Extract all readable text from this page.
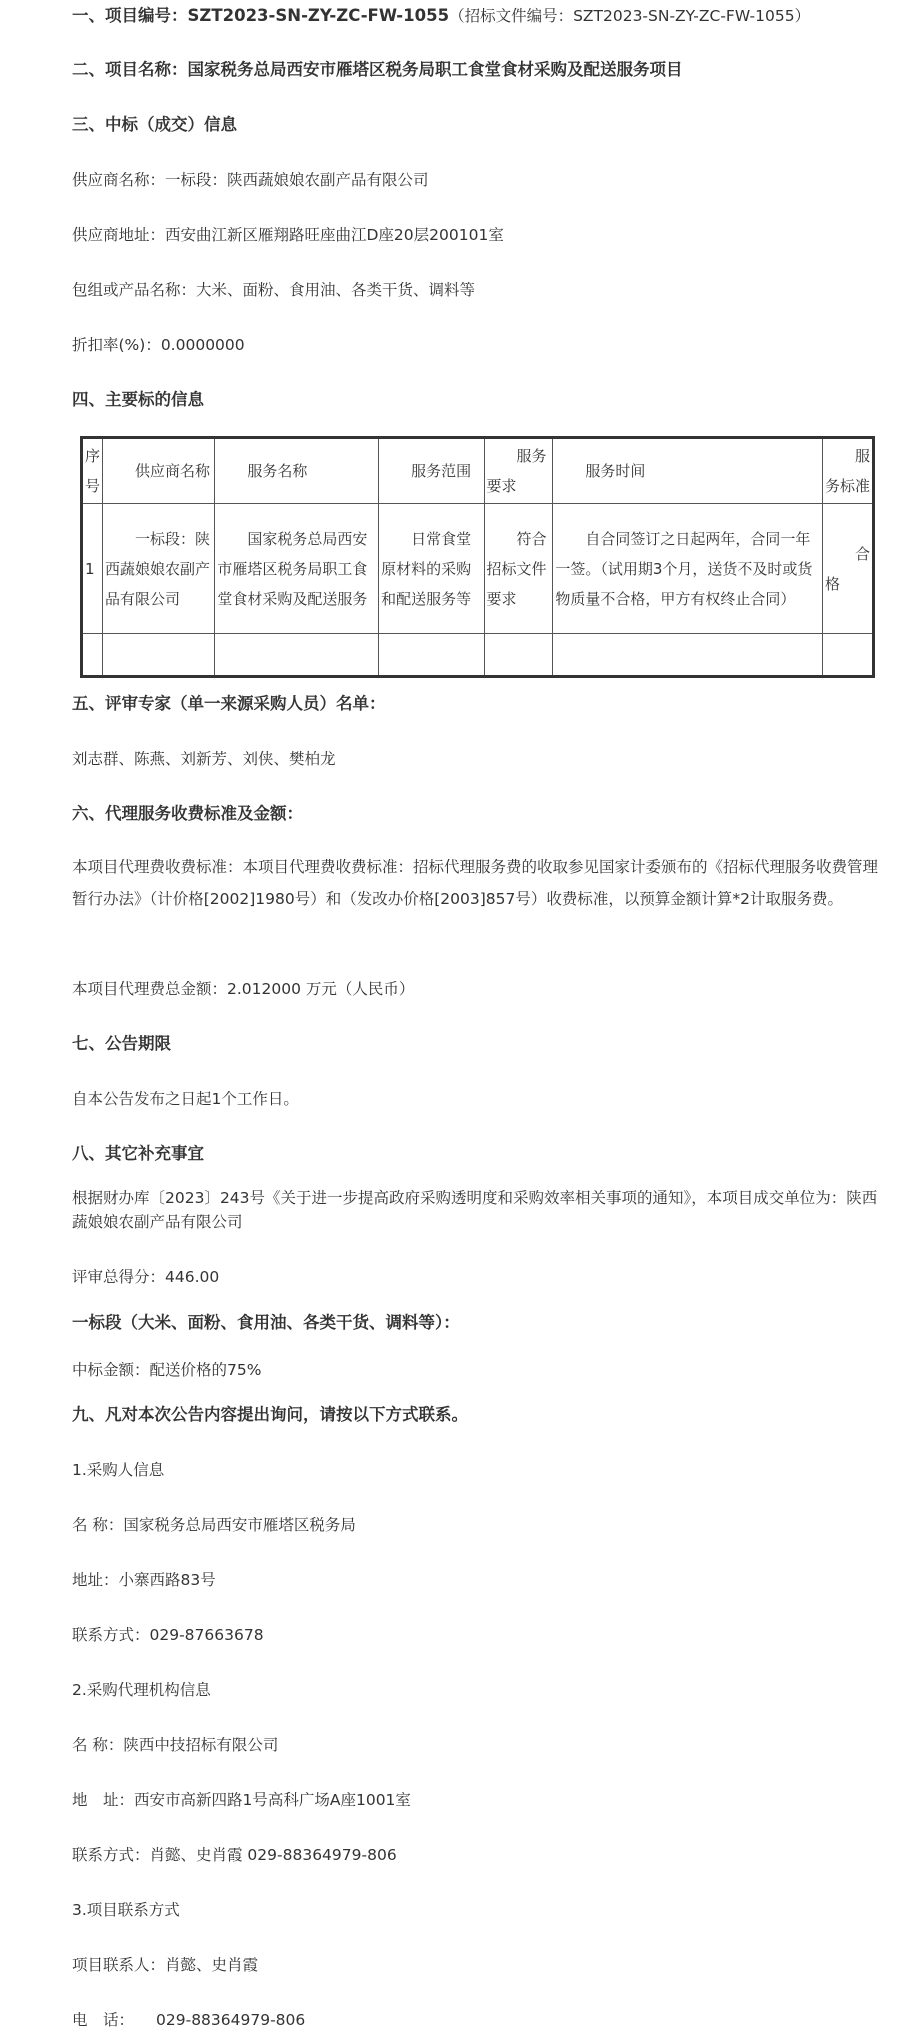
一、项目编号：SZT2023-SN-ZY-ZC-FW-1055（招标文件编号：SZT2023-SN-ZY-ZC-FW-1055）
二、项目名称：国家税务总局西安市雁塔区税务局职工食堂食材采购及配送服务项目
三、中标（成交）信息
供应商名称：一标段：陕西蔬娘娘农副产品有限公司
供应商地址：西安曲江新区雁翔路旺座曲江D座20层200101室
包组或产品名称：大米、面粉、食用油、各类干货、调料等
折扣率(%)：0.0000000
四、主要标的信息
序号	供应商名称	服务名称	服务范围	服务要求	服务时间	服务标准
1	一标段：陕西蔬娘娘农副产品有限公司	国家税务总局西安市雁塔区税务局职工食堂食材采购及配送服务	日常食堂原材料的采购和配送服务等	符合招标文件要求	自合同签订之日起两年，合同一年一签。（试用期3个月，送货不及时或货物质量不合格，甲方有权终止合同）	合格

五、评审专家（单一来源采购人员）名单：
刘志群、陈燕、刘新芳、刘侠、樊柏龙
六、代理服务收费标准及金额：
本项目代理费收费标准：本项目代理费收费标准：招标代理服务费的收取参见国家计委颁布的《招标代理服务收费管理暂行办法》（计价格[2002]1980号）和（发改办价格[2003]857号）收费标准，以预算金额计算*2计取服务费。
本项目代理费总金额：2.012000 万元（人民币）
七、公告期限
自本公告发布之日起1个工作日。
八、其它补充事宜
根据财办库〔2023〕243号《关于进一步提高政府采购透明度和采购效率相关事项的通知》，本项目成交单位为：陕西蔬娘娘农副产品有限公司
评审总得分：446.00
一标段（大米、面粉、食用油、各类干货、调料等）：
中标金额：配送价格的75%
九、凡对本次公告内容提出询问，请按以下方式联系。
1.采购人信息
名 称：国家税务总局西安市雁塔区税务局
地址：小寨西路83号
联系方式：029-87663678
2.采购代理机构信息
名 称：陕西中技招标有限公司
地　址：西安市高新四路1号高科广场A座1001室
联系方式：肖懿、史肖霞 029-88364979-806
3.项目联系方式
项目联系人：肖懿、史肖霞
电　话： 029-88364979-806
